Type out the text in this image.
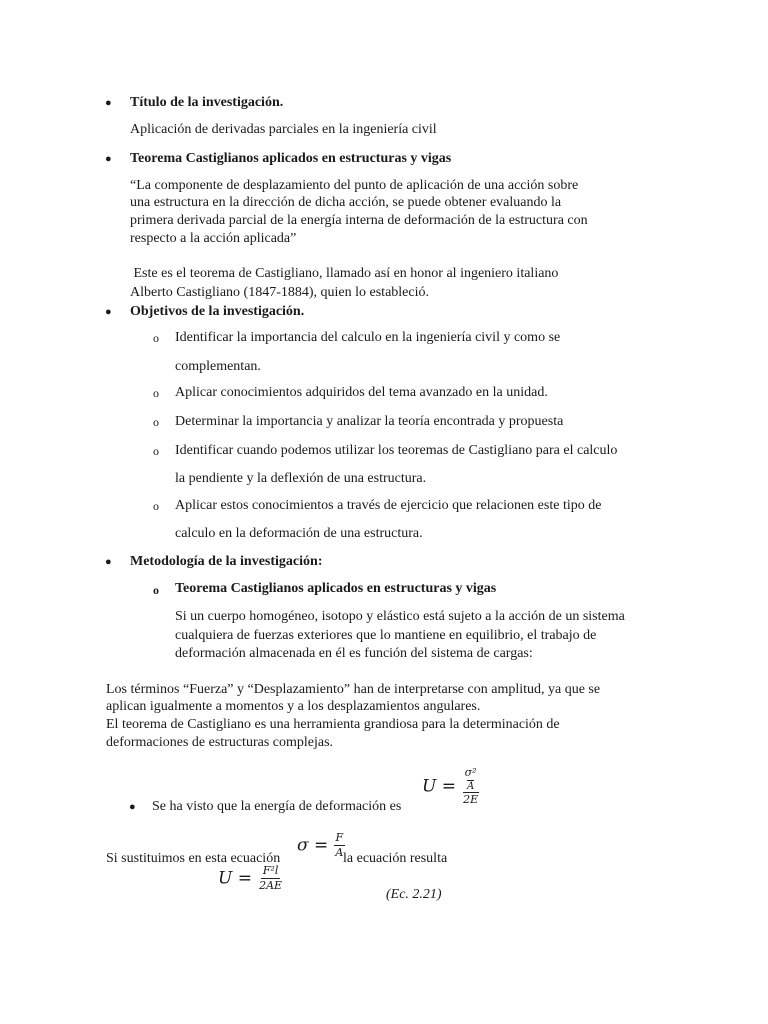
● Título de la investigación.
Aplicación de derivadas parciales en la ingeniería civil
● Teorema Castiglianos aplicados en estructuras y vigas
“La componente de desplazamiento del punto de aplicación de una acción sobre
una estructura en la dirección de dicha acción, se puede obtener evaluando la
primera derivada parcial de la energía interna de deformación de la estructura con
respecto a la acción aplicada”
Este es el teorema de Castigliano, llamado así en honor al ingeniero italiano
Alberto Castigliano (1847-1884), quien lo estableció.
● Objetivos de la investigación.
o Identificar la importancia del calculo en la ingeniería civil y como se
complementan.
o Aplicar conocimientos adquiridos del tema avanzado en la unidad.
o Determinar la importancia y analizar la teoría encontrada y propuesta
o Identificar cuando podemos utilizar los teoremas de Castigliano para el calculo
la pendiente y la deflexión de una estructura.
o Aplicar estos conocimientos a través de ejercicio que relacionen este tipo de
calculo en la deformación de una estructura.
● Metodología de la investigación:
o Teorema Castiglianos aplicados en estructuras y vigas
Si un cuerpo homogéneo, isotopo y elástico está sujeto a la acción de un sistema
cualquiera de fuerzas exteriores que lo mantiene en equilibrio, el trabajo de
deformación almacenada en él es función del sistema de cargas:
Los términos “Fuerza” y “Desplazamiento” han de interpretarse con amplitud, ya que se
aplican igualmente a momentos y a los desplazamientos angulares.
El teorema de Castigliano es una herramienta grandiosa para la determinación de
deformaciones de estructuras complejas.
● Se ha visto que la energía de deformación es
U = σ²
A
2E
Si sustituimos en esta ecuación
$\sigma = \frac{F}{A}$
la ecuación resulta
$U = \frac{\text{F²l}}{2AE}$
(Ec. 2.21)
